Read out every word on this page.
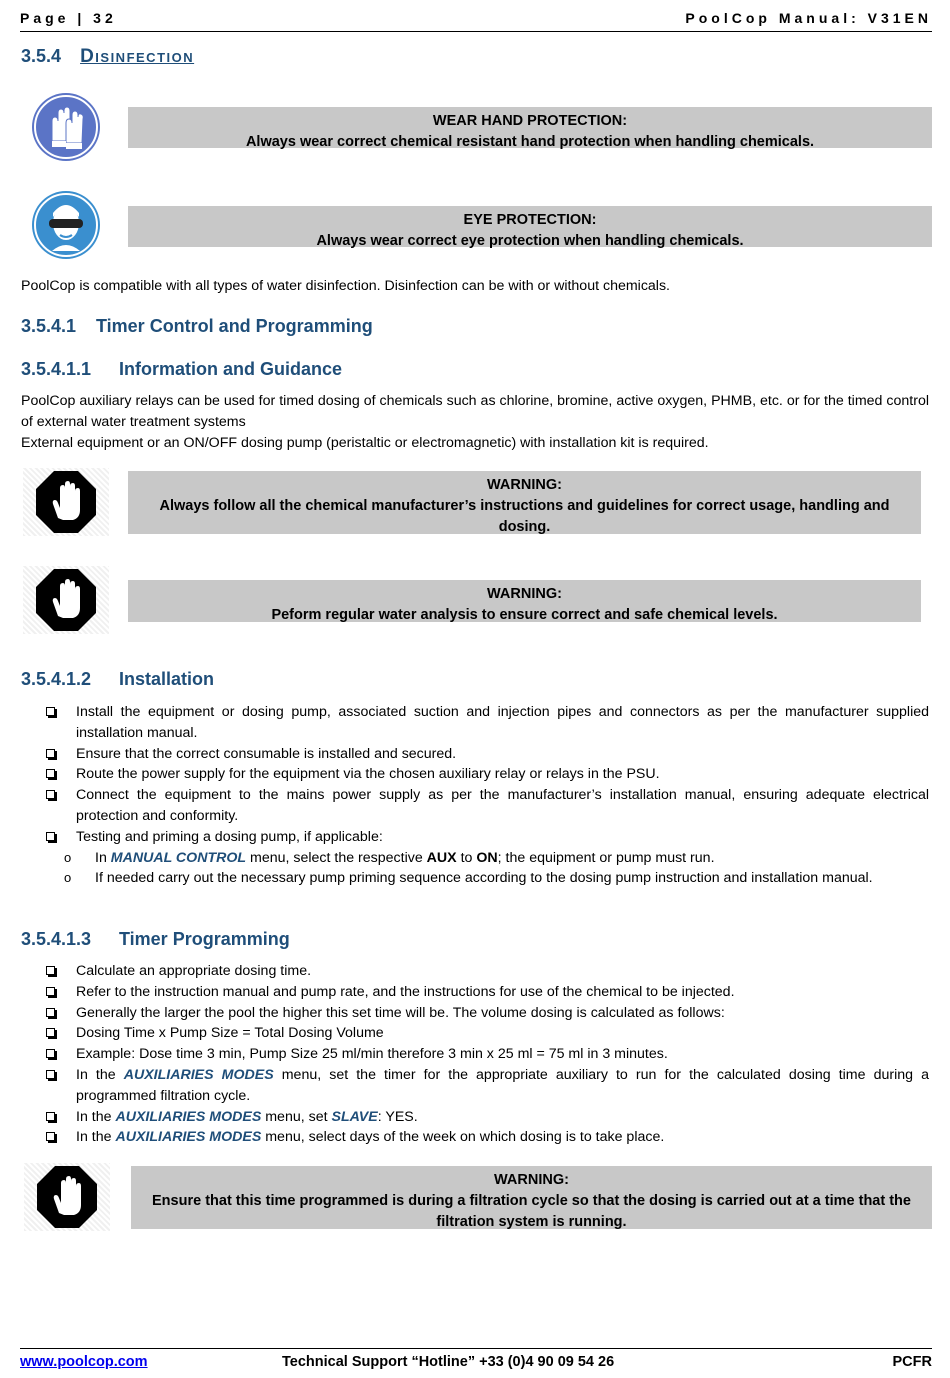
Page | 32	PoolCop Manual: V31EN
3.5.4 Disinfection
WEAR HAND PROTECTION:
Always wear correct chemical resistant hand protection when handling chemicals.
EYE PROTECTION:
Always wear correct eye protection when handling chemicals.
PoolCop is compatible with all types of water disinfection. Disinfection can be with or without chemicals.
3.5.4.1 Timer Control and Programming
3.5.4.1.1 Information and Guidance
PoolCop auxiliary relays can be used for timed dosing of chemicals such as chlorine, bromine, active oxygen, PHMB, etc. or for the timed control of external water treatment systems
External equipment or an ON/OFF dosing pump (peristaltic or electromagnetic) with installation kit is required.
WARNING:
Always follow all the chemical manufacturer’s instructions and guidelines for correct usage, handling and dosing.
WARNING:
Peform regular water analysis to ensure correct and safe chemical levels.
3.5.4.1.2 Installation
Install the equipment or dosing pump, associated suction and injection pipes and connectors as per the manufacturer supplied installation manual.
Ensure that the correct consumable is installed and secured.
Route the power supply for the equipment via the chosen auxiliary relay or relays in the PSU.
Connect the equipment to the mains power supply as per the manufacturer’s installation manual, ensuring adequate electrical protection and conformity.
Testing and priming a dosing pump, if applicable:
o In MANUAL CONTROL menu, select the respective AUX to ON; the equipment or pump must run.
o If needed carry out the necessary pump priming sequence according to the dosing pump instruction and installation manual.
3.5.4.1.3 Timer Programming
Calculate an appropriate dosing time.
Refer to the instruction manual and pump rate, and the instructions for use of the chemical to be injected.
Generally the larger the pool the higher this set time will be. The volume dosing is calculated as follows:
Dosing Time x Pump Size = Total Dosing Volume
Example: Dose time 3 min, Pump Size 25 ml/min therefore 3 min x 25 ml = 75 ml in 3 minutes.
In the AUXILIARIES MODES menu, set the timer for the appropriate auxiliary to run for the calculated dosing time during a programmed filtration cycle.
In the AUXILIARIES MODES menu, set SLAVE: YES.
In the AUXILIARIES MODES menu, select days of the week on which dosing is to take place.
WARNING:
Ensure that this time programmed is during a filtration cycle so that the dosing is carried out at a time that the filtration system is running.
www.poolcop.com	Technical Support “Hotline” +33 (0)4 90 09 54 26	PCFR
